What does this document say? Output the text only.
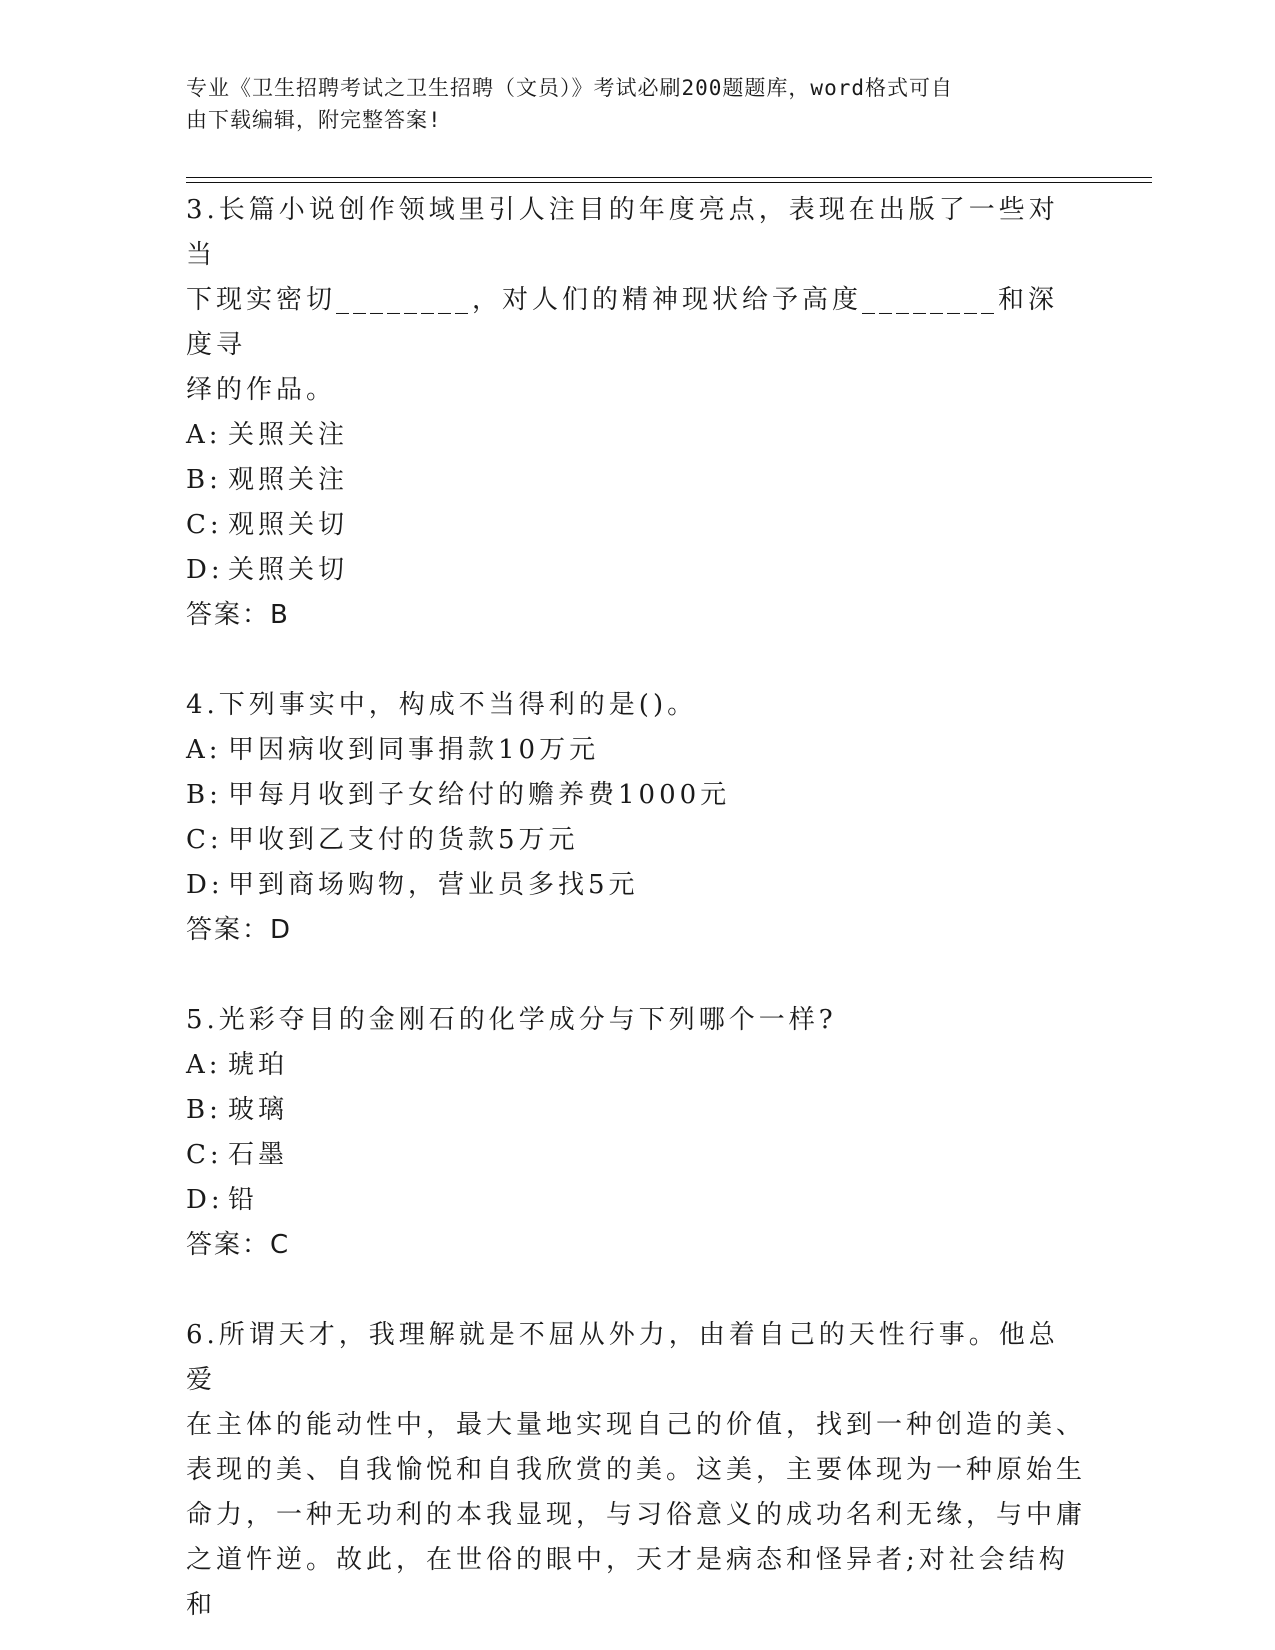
专业《卫生招聘考试之卫生招聘（文员）》考试必刷200题题库，word格式可自
由下载编辑，附完整答案!

3.长篇小说创作领域里引人注目的年度亮点，表现在出版了一些对当

下现实密切________，对人们的精神现状给予高度________和深度寻

绎的作品。

A: 关照关注
B: 观照关注
C: 观照关切
D: 关照关切

答案：B

4.下列事实中，构成不当得利的是()。

A: 甲因病收到同事捐款10万元
B: 甲每月收到子女给付的赡养费1000元
C: 甲收到乙支付的货款5万元
D: 甲到商场购物，营业员多找5元

答案：D

5.光彩夺目的金刚石的化学成分与下列哪个一样?

A: 琥珀
B: 玻璃
C: 石墨
D: 铅

答案：C

6.所谓天才，我理解就是不屈从外力，由着自己的天性行事。他总爱

在主体的能动性中，最大量地实现自己的价值，找到一种创造的美、

表现的美、自我愉悦和自我欣赏的美。这美，主要体现为一种原始生

命力，一种无功利的本我显现，与习俗意义的成功名利无缘，与中庸

之道忤逆。故此，在世俗的眼中，天才是病态和怪异者;对社会结构和
